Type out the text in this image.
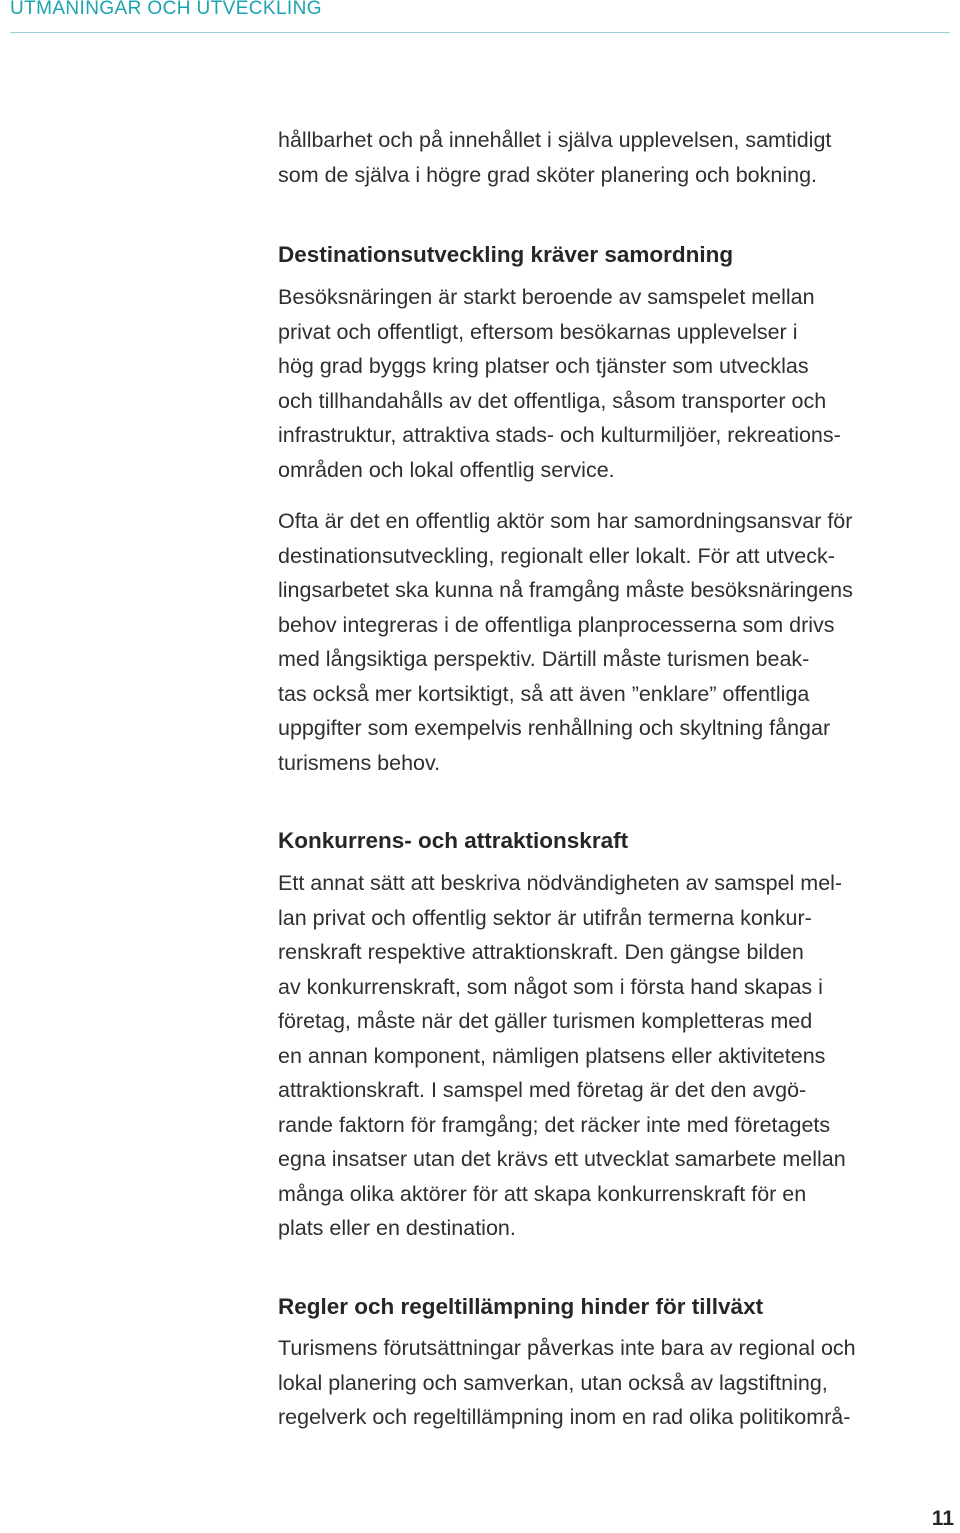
UTMANINGAR OCH UTVECKLING
hållbarhet och på innehållet i själva upplevelsen, samtidigt
som de själva i högre grad sköter planering och bokning.
Destinationsutveckling kräver samordning
Besöksnäringen är starkt beroende av samspelet mellan
privat och offentligt, eftersom besökarnas upplevelser i
hög grad byggs kring platser och tjänster som utvecklas
och tillhandahålls av det offentliga, såsom transporter och
infrastruktur, attraktiva stads- och kulturmiljöer, rekreations-
områden och lokal offentlig service.
Ofta är det en offentlig aktör som har samordningsansvar för
destinationsutveckling, regionalt eller lokalt. För att utveck-
lingsarbetet ska kunna nå framgång måste besöksnäringens
behov integreras i de offentliga planprocesserna som drivs
med långsiktiga perspektiv. Därtill måste turismen beak-
tas också mer kortsiktigt, så att även ”enklare” offentliga
uppgifter som exempelvis renhållning och skyltning fångar
turismens behov.
Konkurrens- och attraktionskraft
Ett annat sätt att beskriva nödvändigheten av samspel mel-
lan privat och offentlig sektor är utifrån termerna konkur-
renskraft respektive attraktionskraft. Den gängse bilden
av konkurrenskraft, som något som i första hand skapas i
företag, måste när det gäller turismen kompletteras med
en annan komponent, nämligen platsens eller aktivitetens
attraktionskraft. I samspel med företag är det den avgö-
rande faktorn för framgång; det räcker inte med företagets
egna insatser utan det krävs ett utvecklat samarbete mellan
många olika aktörer för att skapa konkurrenskraft för en
plats eller en destination.
Regler och regeltillämpning hinder för tillväxt
Turismens förutsättningar påverkas inte bara av regional och
lokal planering och samverkan, utan också av lagstiftning,
regelverk och regeltillämpning inom en rad olika politikområ-
11
